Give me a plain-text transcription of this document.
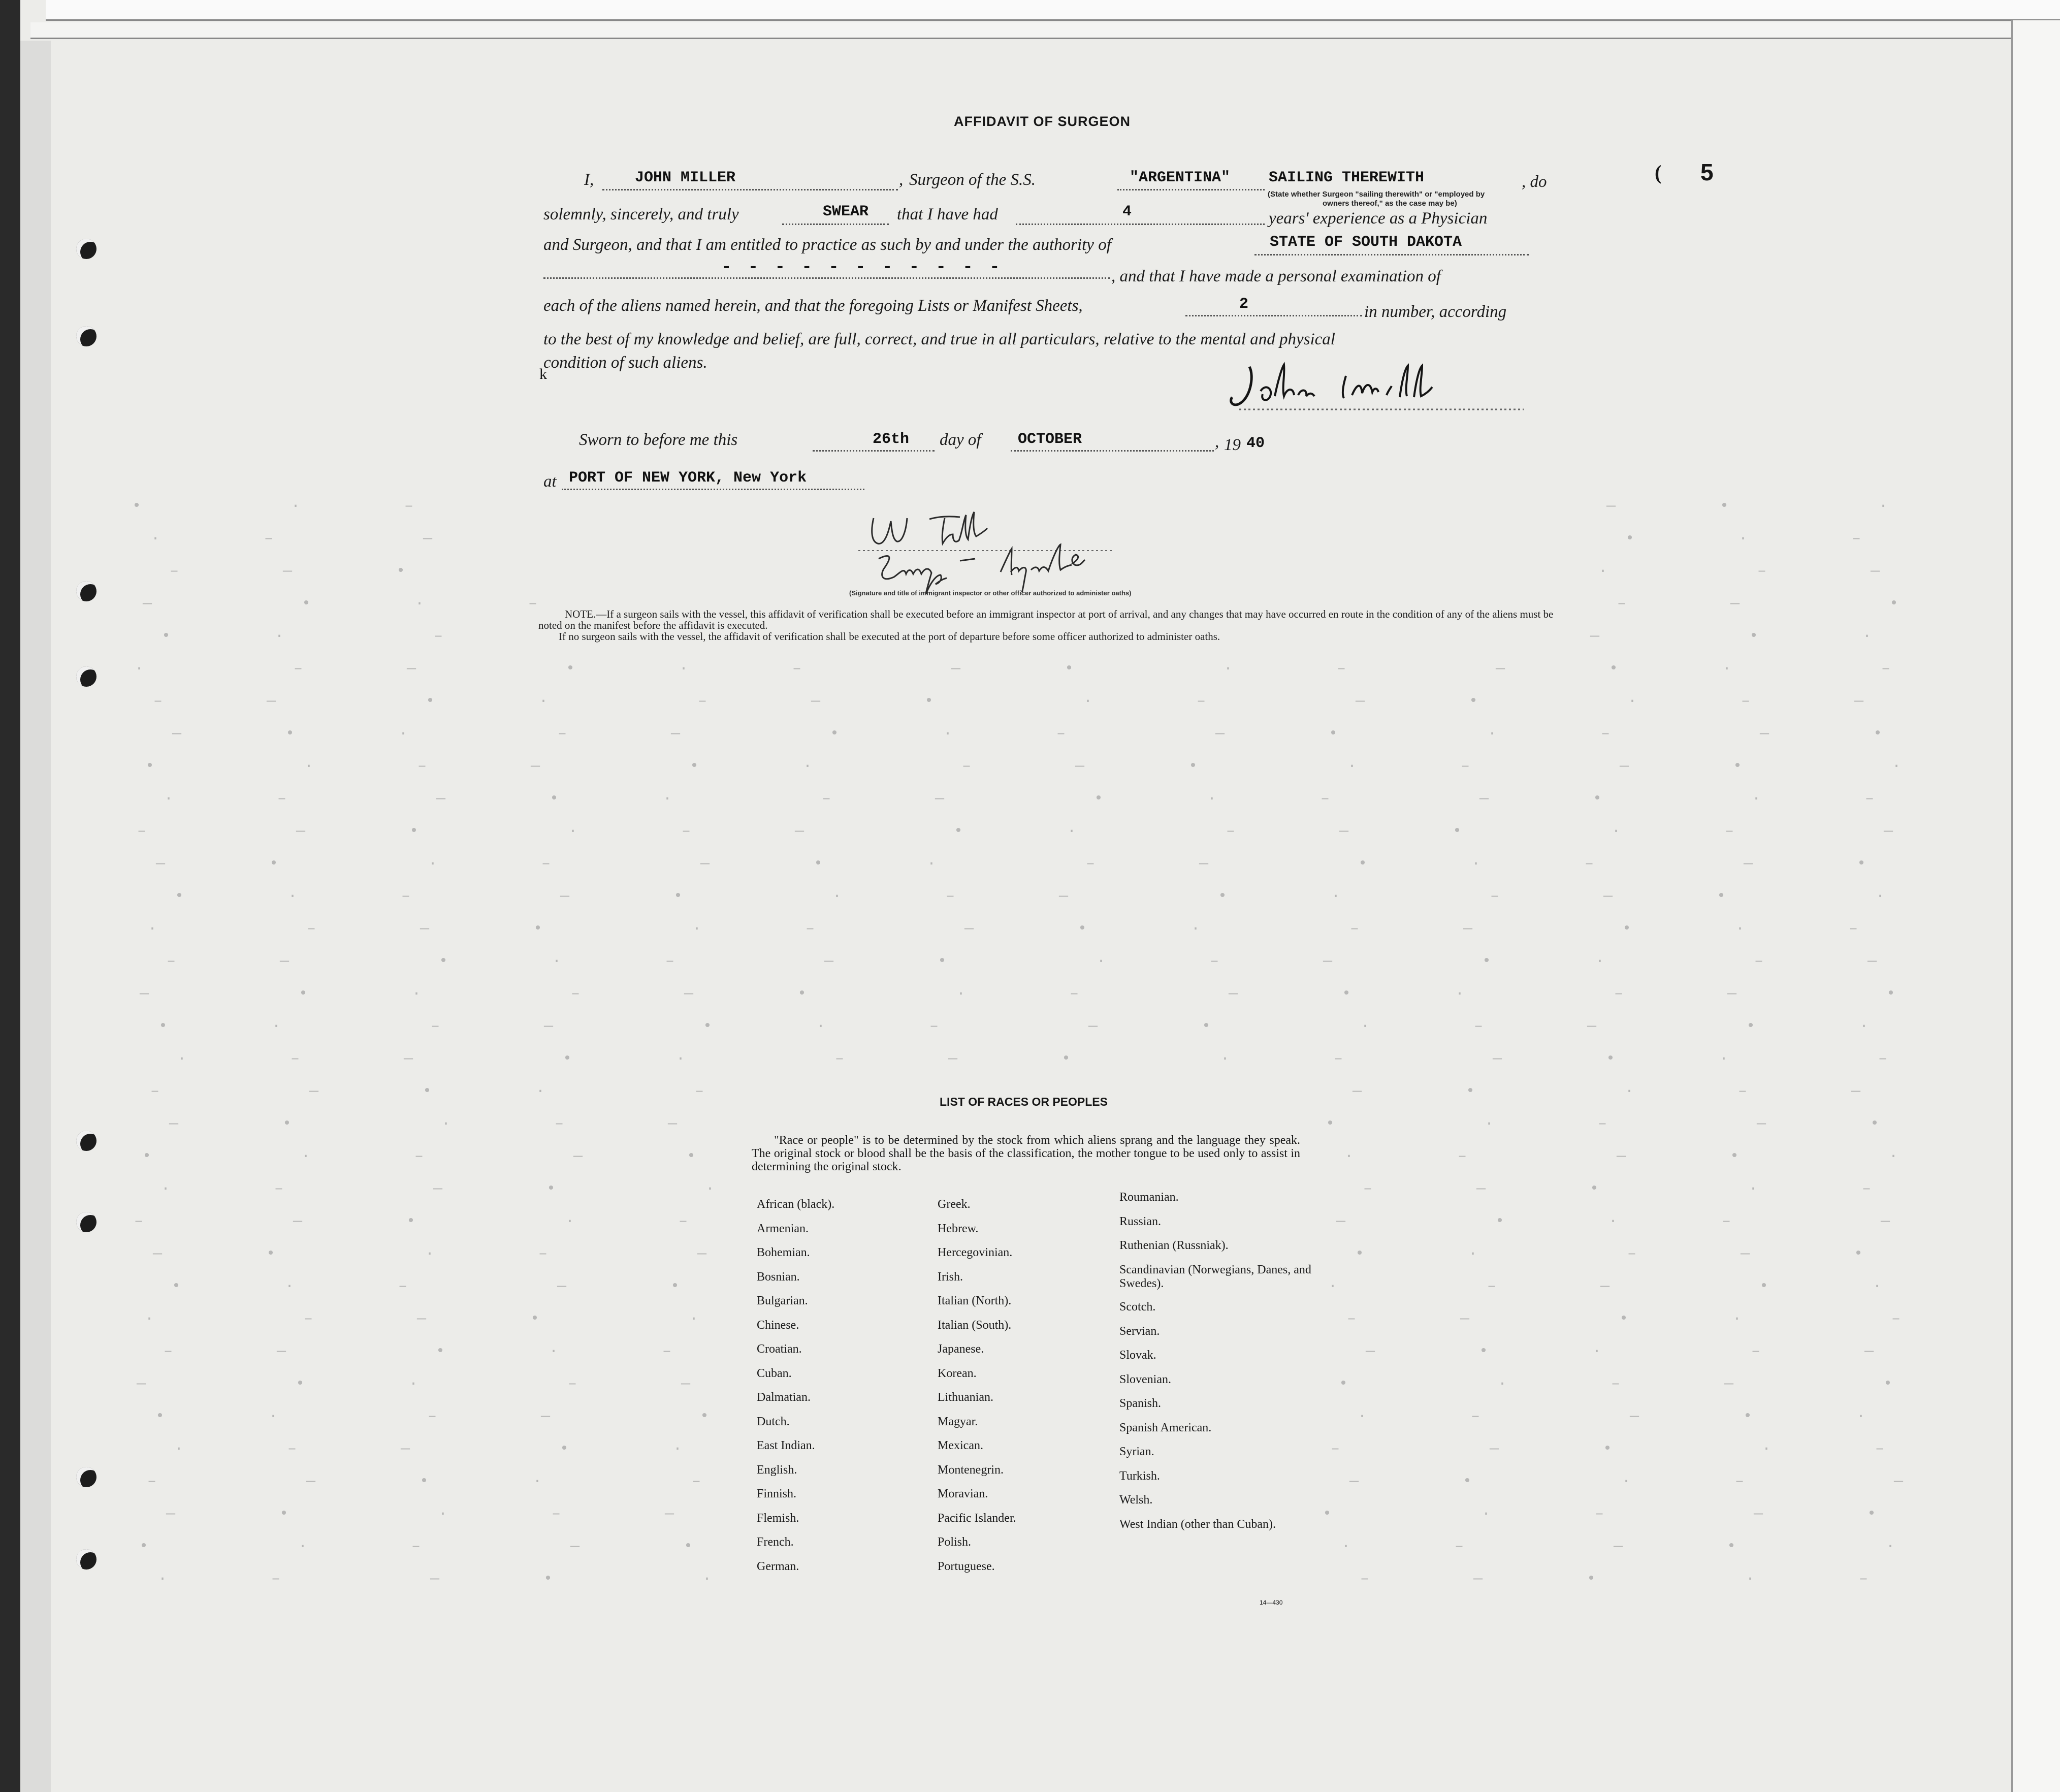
•	·	–	—	•	·
·	–	—	•	·	–
–	—	•	·	–	—
—	•	·	–	–	—	•
•	·	–	—	•	·
·	–	—	•	·	–	—	•	·	–	—	•	·	–
–	—	•	·	–	—	•	·	–	—	•	·	–	—
—	•	·	–	—	•	·	–	—	•	·	–	—	•
•	·	–	—	•	·	–	—	•	·	–	—	•	·
·	–	—	•	·	–	—	•	·	–	—	•	·	–
–	—	•	·	–	—	•	·	–	—	•	·	–	—
—	•	·	–	—	•	·	–	—	•	·	–	—	•
•	·	–	—	•	·	–	—	•	·	–	—	•	·
·	–	—	•	·	–	—	•	·	–	—	•	·	–
–	—	•	·	–	—	•	·	–	—	•	·	–	—
—	•	·	–	—	•	·	–	—	•	·	–	—	•
•	·	–	—	•	·	–	—	•	·	–	—	•	·
·	–	—	•	·	–	—	•	·	–	—	•	·	–
–	—	•	·	–	—	•	·	–	—
—	•	·	–	—	•	·	–	—	•
•	·	–	—	•	·	–	—	•	·
·	–	—	•	·	–	—	•	·	–
–	—	•	·	–	—	•	·	–	—
—	•	·	–	—	•	·	–	—	•
•	·	–	—	•	·	–	—	•	·
·	–	—	•	·	–	—	•	·	–
–	—	•	·	–	—	•	·	–	—
—	•	·	–	—	•	·	–	—	•
•	·	–	—	•	·	–	—	•	·
·	–	—	•	·	–	—	•	·	–
–	—	•	·	–	—	•	·	–	—
—	•	·	–	—	•	·	–	—	•
•	·	–	—	•	·	–	—	•	·
·	–	—	•	·	–	—	•	·	–
AFFIDAVIT OF SURGEON
( 5
I,	JOHN MILLER	, Surgeon of the S.S.	"ARGENTINA"	SAILING THEREWITH
(State whether Surgeon "sailing therewith" or "employed by
owners thereof," as the case may be)
, do
solemnly, sincerely, and truly	SWEAR that I have had	4	years' experience as a Physician
and Surgeon, and that I am entitled to practice as such by and under the authority of	STATE OF SOUTH DAKOTA
- - - - - - - - - - -	, and that I have made a personal examination of
each of the aliens named herein, and that the foregoing Lists or Manifest Sheets,	2	in number, according
to the best of my knowledge and belief, are full, correct, and true in all particulars, relative to the mental and physical
condition of such aliens.
k
Sworn to before me this	26th day of OCTOBER	, 19 40
at PORT OF NEW YORK, New York
(Signature and title of immigrant inspector or other officer authorized to administer oaths)
NOTE.—If a surgeon sails with the vessel, this affidavit of verification shall be executed before an immigrant inspector at port of arrival, and any changes that may have occurred en route in the condition of any of the aliens must be noted on the manifest before the affidavit is executed.
If no surgeon sails with the vessel, the affidavit of verification shall be executed at the port of departure before some officer authorized to administer oaths.
LIST OF RACES OR PEOPLES
"Race or people" is to be determined by the stock from which aliens sprang and the language they speak. The original stock or blood shall be the basis of the classification, the mother tongue to be used only to assist in determining the original stock.
African (black).
Armenian.
Bohemian.
Bosnian.
Bulgarian.
Chinese.
Croatian.
Cuban.
Dalmatian.
Dutch.
East Indian.
English.
Finnish.
Flemish.
French.
German.
Greek.
Hebrew.
Hercegovinian.
Irish.
Italian (North).
Italian (South).
Japanese.
Korean.
Lithuanian.
Magyar.
Mexican.
Montenegrin.
Moravian.
Pacific Islander.
Polish.
Portuguese.
Roumanian.
Russian.
Ruthenian (Russniak).
Scandinavian (Norwegians, Danes, and Swedes).
Scotch.
Servian.
Slovak.
Slovenian.
Spanish.
Spanish American.
Syrian.
Turkish.
Welsh.
West Indian (other than Cuban).
14—430
